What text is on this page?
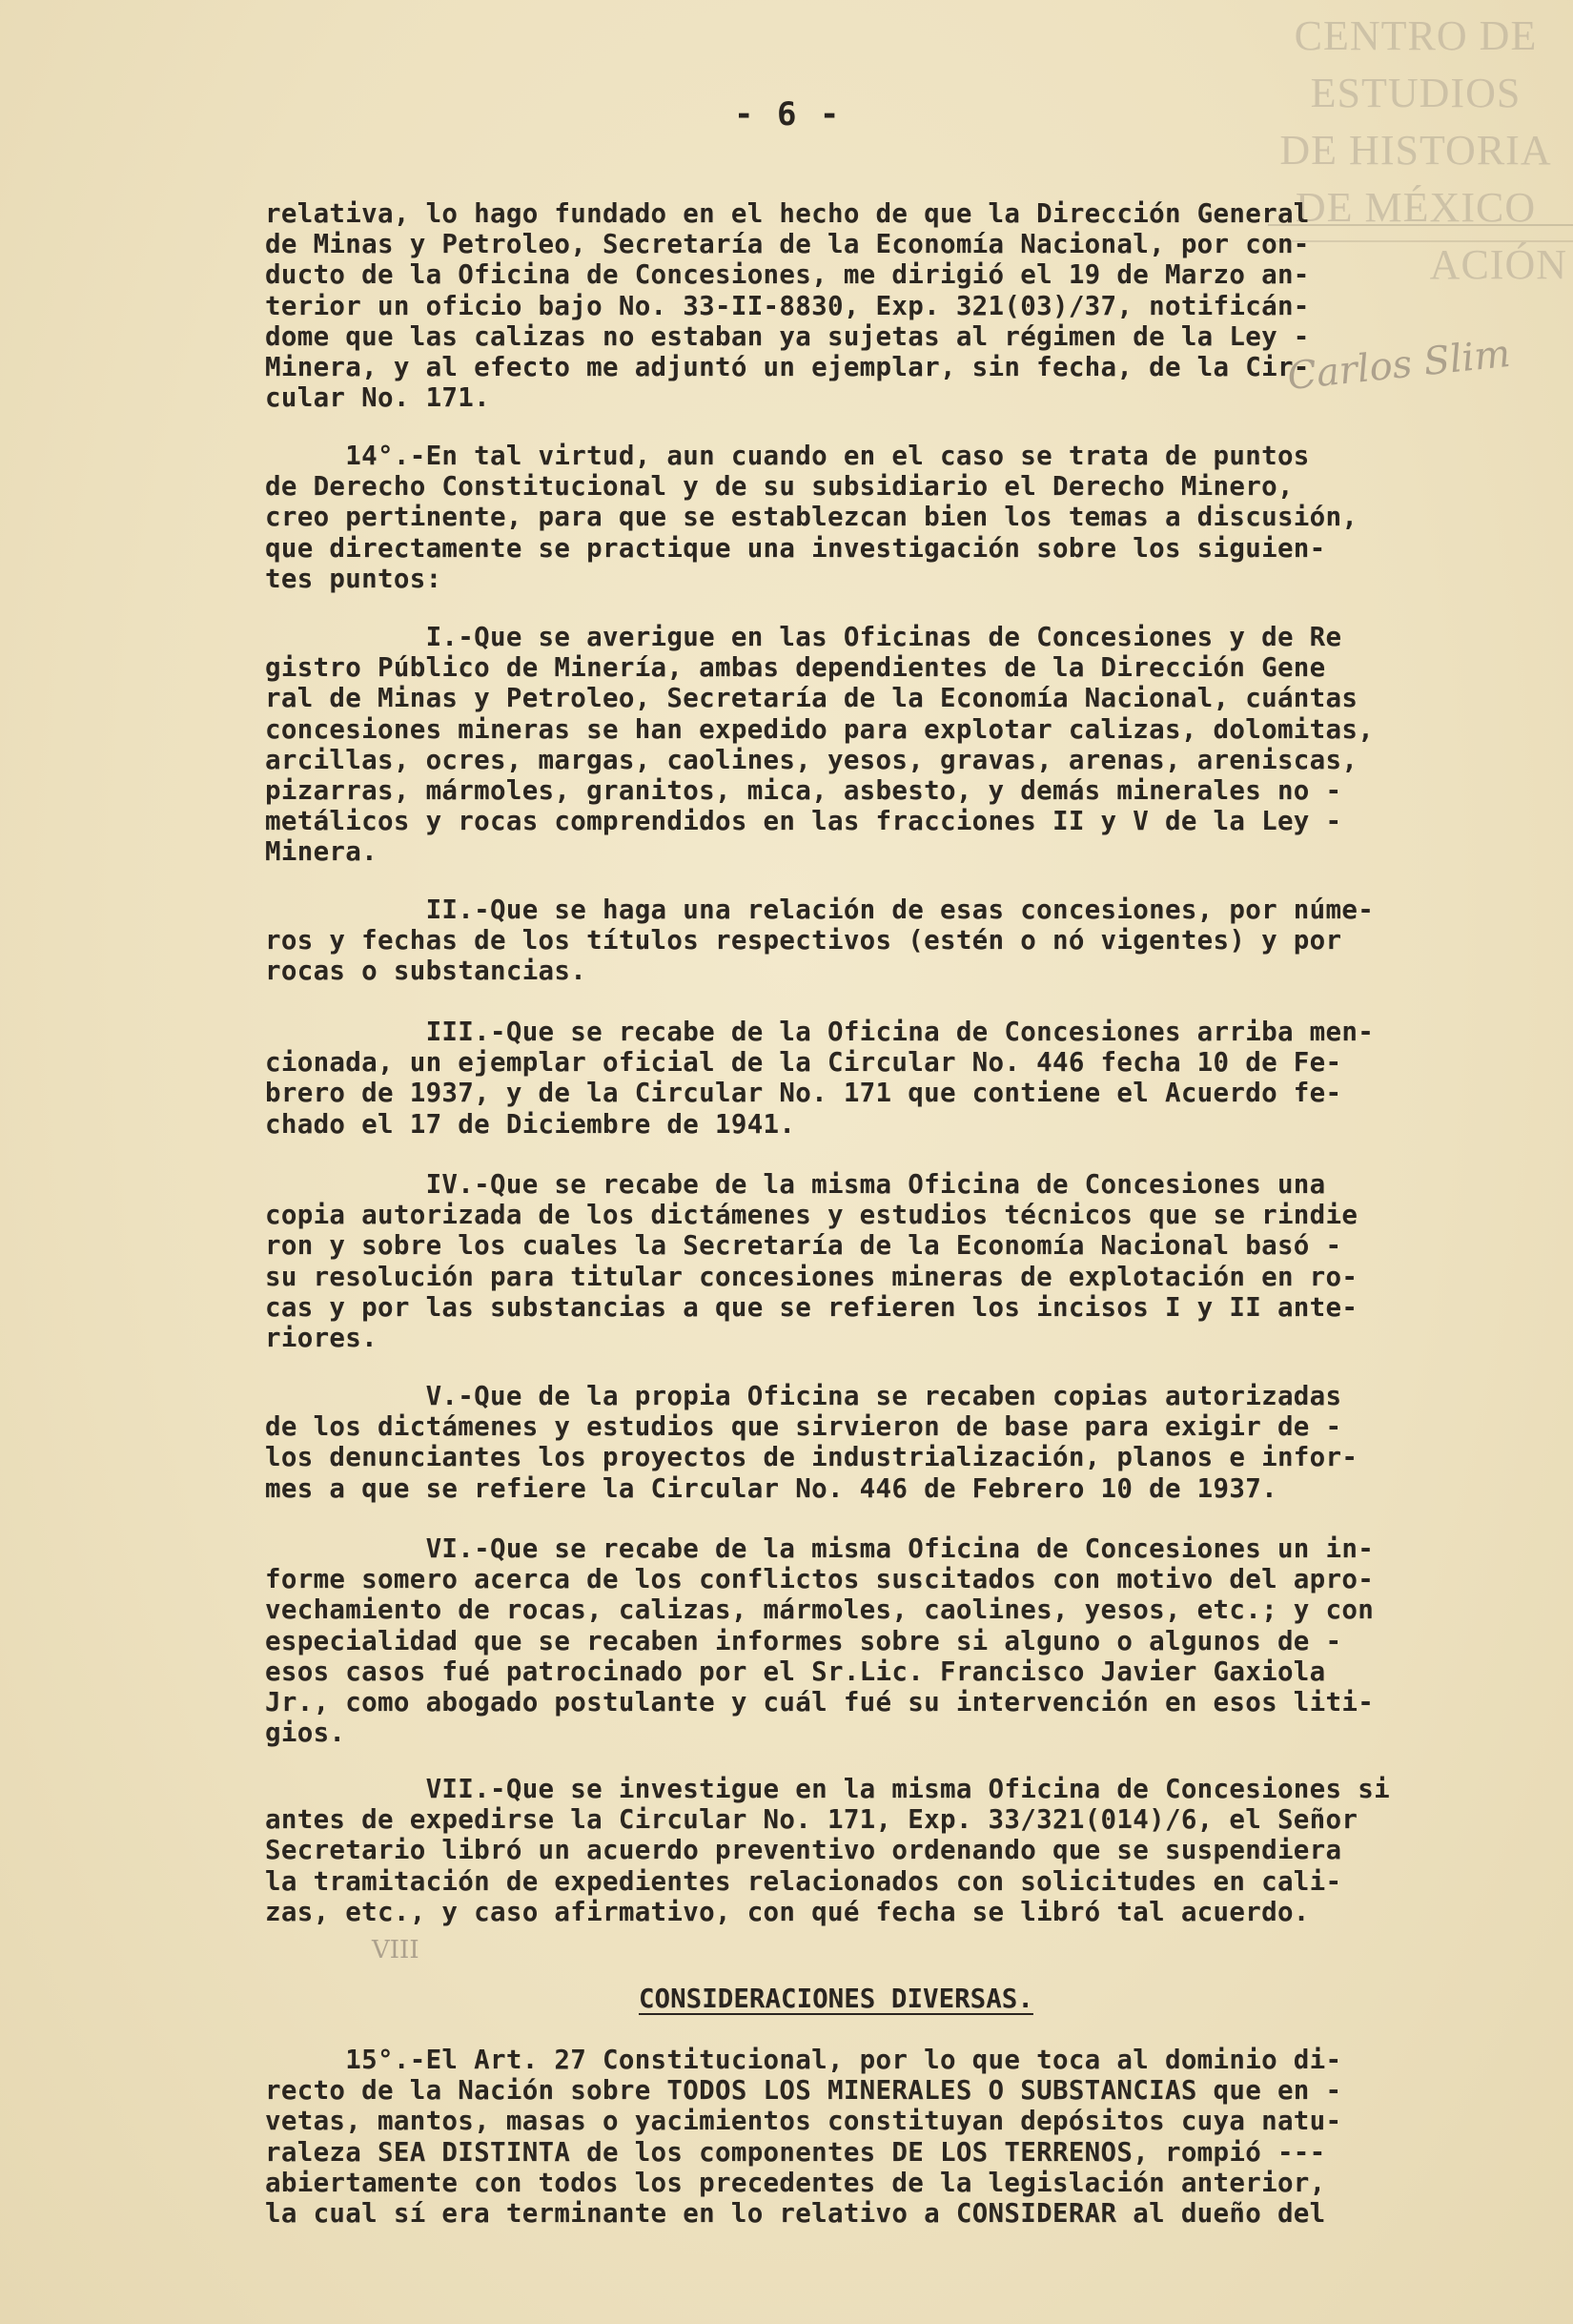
CENTRO DE
ESTUDIOS
DE HISTORIA
DE MÉXICO
ACIÓN
- 6 -
relativa, lo hago fundado en el hecho de que la Dirección General
de Minas y Petroleo, Secretaría de la Economía Nacional, por con-
ducto de la Oficina de Concesiones, me dirigió el 19 de Marzo an-
terior un oficio bajo No. 33-II-8830, Exp. 321(03)/37, notificán-
dome que las calizas no estaban ya sujetas al régimen de la Ley -
Minera, y al efecto me adjuntó un ejemplar, sin fecha, de la Cir-
cular No. 171.	Carlos Slim
14°.-En tal virtud, aun cuando en el caso se trata de puntos
de Derecho Constitucional y de su subsidiario el Derecho Minero,
creo pertinente, para que se establezcan bien los temas a discusión,
que directamente se practique una investigación sobre los siguien-
tes puntos:
I.-Que se averigue en las Oficinas de Concesiones y de Re
gistro Público de Minería, ambas dependientes de la Dirección Gene
ral de Minas y Petroleo, Secretaría de la Economía Nacional, cuántas
concesiones mineras se han expedido para explotar calizas, dolomitas,
arcillas, ocres, margas, caolines, yesos, gravas, arenas, areniscas,
pizarras, mármoles, granitos, mica, asbesto, y demás minerales no -
metálicos y rocas comprendidos en las fracciones II y V de la Ley -
Minera.
II.-Que se haga una relación de esas concesiones, por núme-
ros y fechas de los títulos respectivos (estén o nó vigentes) y por
rocas o substancias.
III.-Que se recabe de la Oficina de Concesiones arriba men-
cionada, un ejemplar oficial de la Circular No. 446 fecha 10 de Fe-
brero de 1937, y de la Circular No. 171 que contiene el Acuerdo fe-
chado el 17 de Diciembre de 1941.
IV.-Que se recabe de la misma Oficina de Concesiones una
copia autorizada de los dictámenes y estudios técnicos que se rindie
ron y sobre los cuales la Secretaría de la Economía Nacional basó -
su resolución para titular concesiones mineras de explotación en ro-
cas y por las substancias a que se refieren los incisos I y II ante-
riores.
V.-Que de la propia Oficina se recaben copias autorizadas
de los dictámenes y estudios que sirvieron de base para exigir de -
los denunciantes los proyectos de industrialización, planos e infor-
mes a que se refiere la Circular No. 446 de Febrero 10 de 1937.
VI.-Que se recabe de la misma Oficina de Concesiones un in-
forme somero acerca de los conflictos suscitados con motivo del apro-
vechamiento de rocas, calizas, mármoles, caolines, yesos, etc.; y con
especialidad que se recaben informes sobre si alguno o algunos de -
esos casos fué patrocinado por el Sr.Lic. Francisco Javier Gaxiola
Jr., como abogado postulante y cuál fué su intervención en esos liti-
gios.
VII.-Que se investigue en la misma Oficina de Concesiones si
antes de expedirse la Circular No. 171, Exp. 33/321(014)/6, el Señor
Secretario libró un acuerdo preventivo ordenando que se suspendiera
la tramitación de expedientes relacionados con solicitudes en cali-
zas, etc., y caso afirmativo, con qué fecha se libró tal acuerdo.
VIII
CONSIDERACIONES DIVERSAS.
15°.-El Art. 27 Constitucional, por lo que toca al dominio di-
recto de la Nación sobre TODOS LOS MINERALES O SUBSTANCIAS que en -
vetas, mantos, masas o yacimientos constituyan depósitos cuya natu-
raleza SEA DISTINTA de los componentes DE LOS TERRENOS, rompió ---
abiertamente con todos los precedentes de la legislación anterior,
la cual sí era terminante en lo relativo a CONSIDERAR al dueño del
